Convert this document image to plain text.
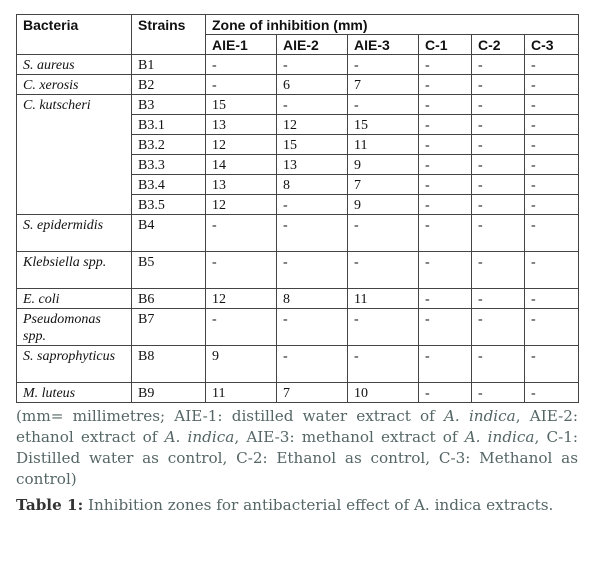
Bacteria	Strains	Zone of inhibition (mm)					
		AIE-1	AIE-2	AIE-3	C-1	C-2	C-3
S. aureus	B1	-	-	-	-	-	-
C. xerosis	B2	-	6	7	-	-	-
C. kutscheri	B3	15	-	-	-	-	-
	B3.1	13	12	15	-	-	-
	B3.2	12	15	11	-	-	-
	B3.3	14	13	9	-	-	-
	B3.4	13	8	7	-	-	-
	B3.5	12	-	9	-	-	-
S. epidermidis	B4	-	-	-	-	-	-
Klebsiella spp.	B5	-	-	-	-	-	-
E. coli	B6	12	8	11	-	-	-
Pseudomonas spp.	B7	-	-	-	-	-	-
S. saprophyticus	B8	9	-	-	-	-	-
M. luteus	B9	11	7	10	-	-	-
(mm= millimetres; AIE-1: distilled water extract of A. indica, AIE-2: ethanol extract of A. indica, AIE-3: methanol extract of A. indica, C-1: Distilled water as control, C-2: Ethanol as control, C-3: Methanol as control)
Table 1: Inhibition zones for antibacterial effect of A. indica extracts.
